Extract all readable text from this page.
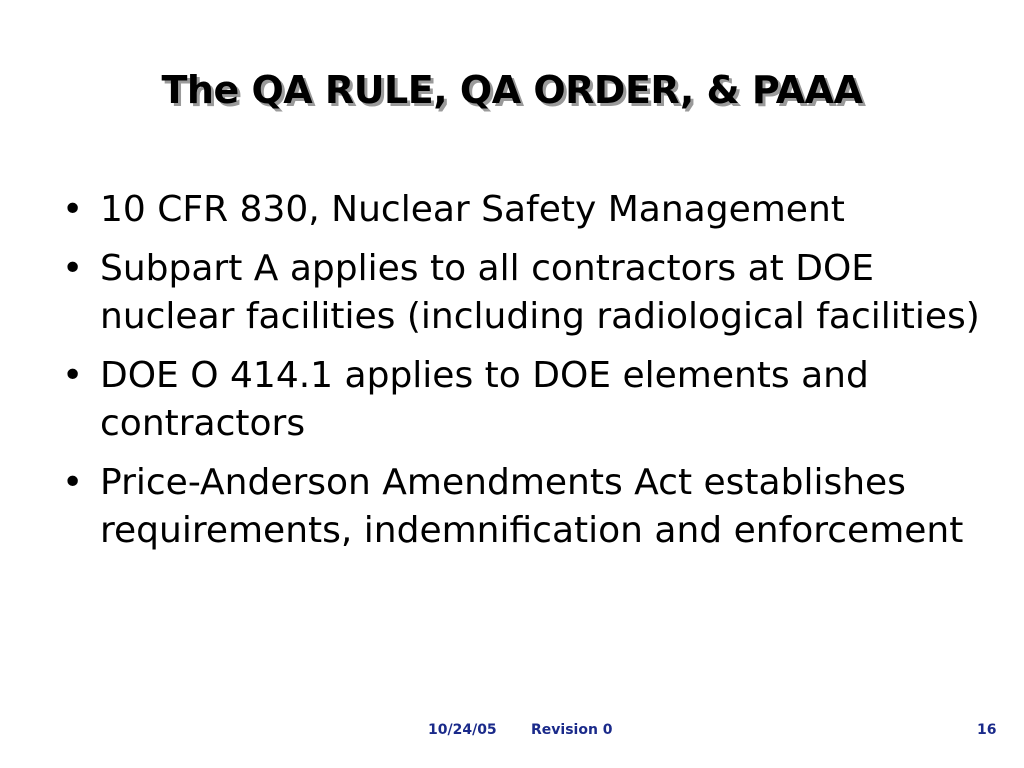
The QA RULE, QA ORDER, & PAAA
• 10 CFR 830, Nuclear Safety Management
• Subpart A applies to all contractors at DOE nuclear facilities (including radiological facilities)
• DOE O 414.1 applies to DOE elements and contractors
• Price-Anderson Amendments Act establishes requirements, indemnification and enforcement
10/24/05 Revision 0	16
